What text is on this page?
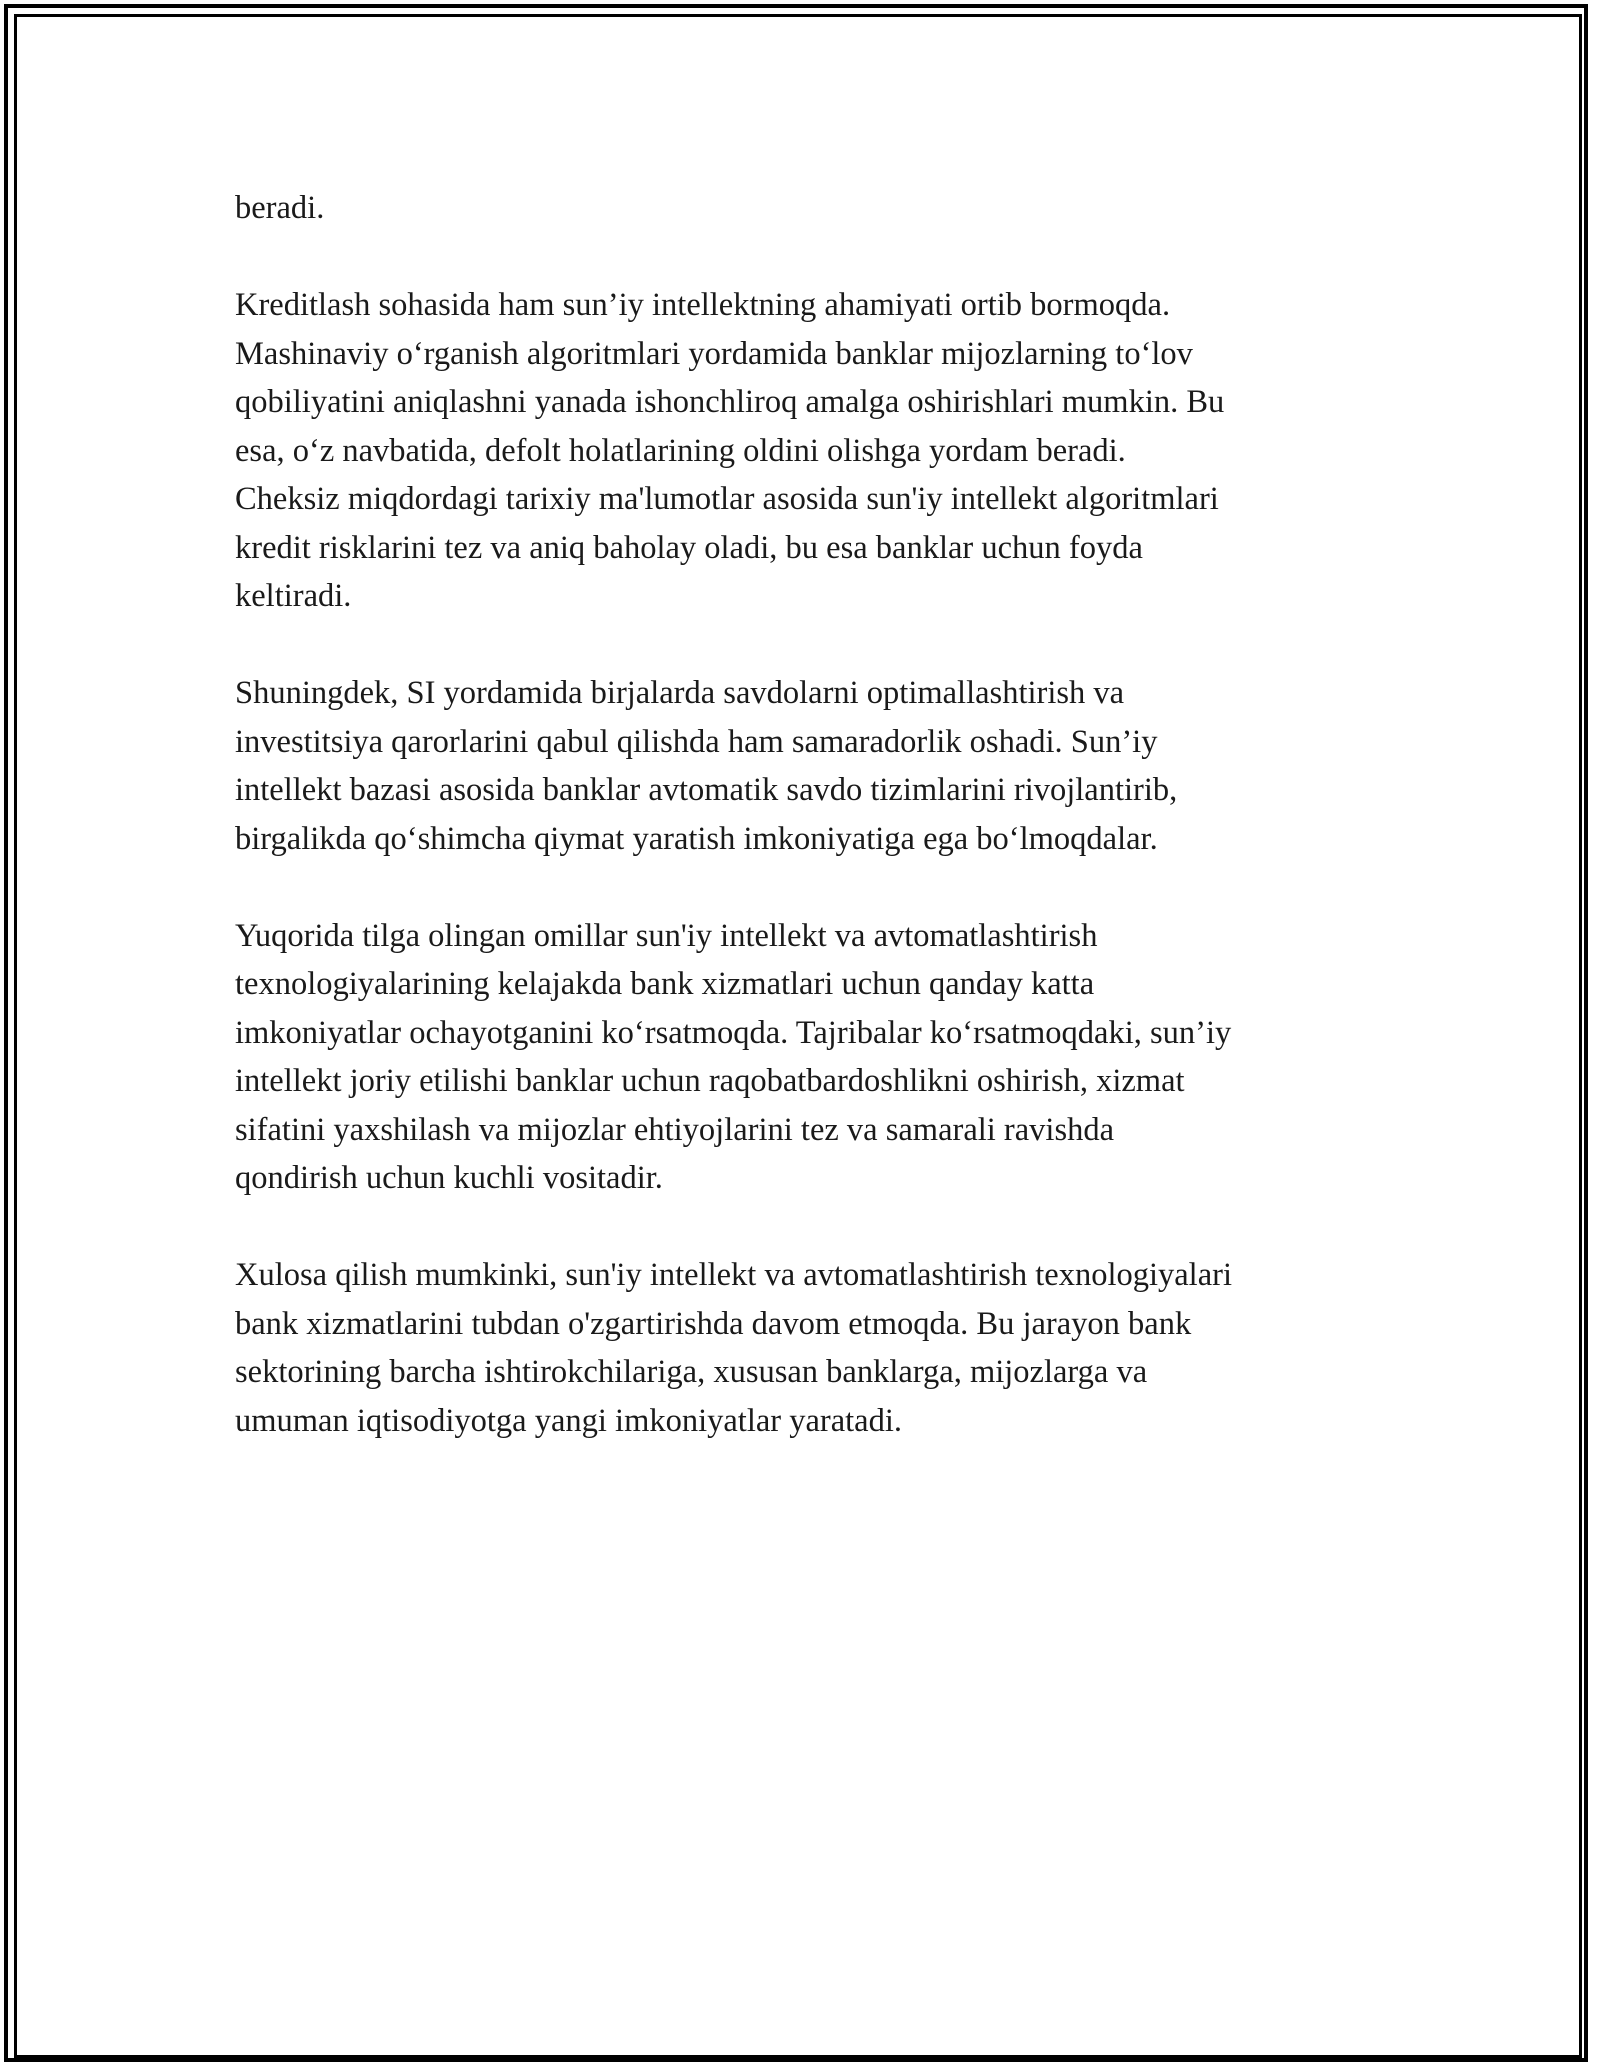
beradi.

Kreditlash sohasida ham sun’iy intellektning ahamiyati ortib bormoqda.
Mashinaviy o‘rganish algoritmlari yordamida banklar mijozlarning to‘lov
qobiliyatini aniqlashni yanada ishonchliroq amalga oshirishlari mumkin. Bu
esa, o‘z navbatida, defolt holatlarining oldini olishga yordam beradi.
Cheksiz miqdordagi tarixiy ma'lumotlar asosida sun'iy intellekt algoritmlari
kredit risklarini tez va aniq baholay oladi, bu esa banklar uchun foyda
keltiradi.

Shuningdek, SI yordamida birjalarda savdolarni optimallashtirish va
investitsiya qarorlarini qabul qilishda ham samaradorlik oshadi. Sun’iy
intellekt bazasi asosida banklar avtomatik savdo tizimlarini rivojlantirib,
birgalikda qo‘shimcha qiymat yaratish imkoniyatiga ega bo‘lmoqdalar.

Yuqorida tilga olingan omillar sun'iy intellekt va avtomatlashtirish
texnologiyalarining kelajakda bank xizmatlari uchun qanday katta
imkoniyatlar ochayotganini ko‘rsatmoqda. Tajribalar ko‘rsatmoqdaki, sun’iy
intellekt joriy etilishi banklar uchun raqobatbardoshlikni oshirish, xizmat
sifatini yaxshilash va mijozlar ehtiyojlarini tez va samarali ravishda
qondirish uchun kuchli vositadir.

Xulosa qilish mumkinki, sun'iy intellekt va avtomatlashtirish texnologiyalari
bank xizmatlarini tubdan o'zgartirishda davom etmoqda. Bu jarayon bank
sektorining barcha ishtirokchilariga, xususan banklarga, mijozlarga va
umuman iqtisodiyotga yangi imkoniyatlar yaratadi.
